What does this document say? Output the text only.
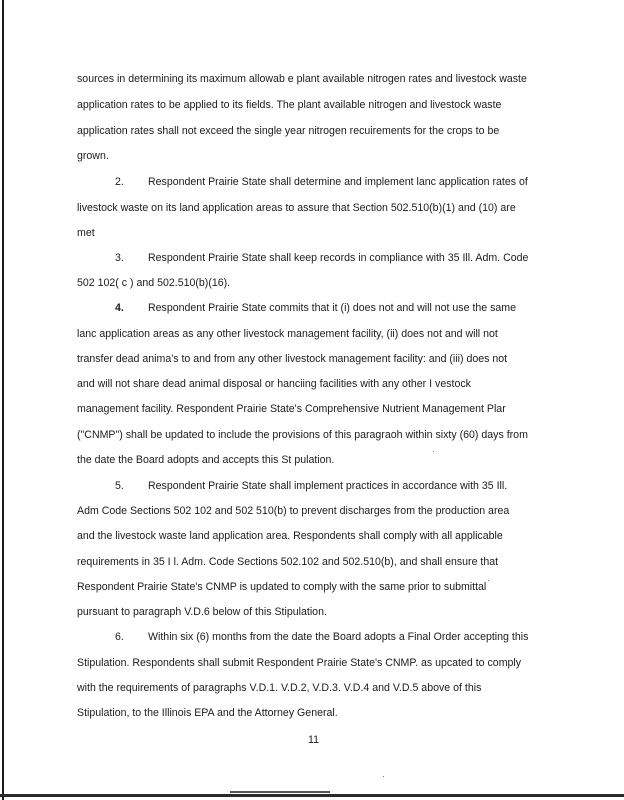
sources in determining its maximum allowab e plant available nitrogen rates and livestock waste
application rates to be applied to its fields. The plant available nitrogen and livestock waste
application rates shall not exceed the single year nitrogen recuirements for the crops to be
grown.
2. Respondent Prairie State shall determine and implement lanc application rates of
livestock waste on its land application areas to assure that Section 502.510(b)(1) and (10) are
met
3. Respondent Prairie State shall keep records in compliance with 35 Ill. Adm. Code
502 102( c ) and 502.510(b)(16).
4. Respondent Prairie State commits that it (i) does not and will not use the same
lanc application areas as any other livestock management facility, (ii) does not and will not
transfer dead anima's to and from any other livestock management facility: and (iii) does not
and will not share dead animal disposal or hanciing facilities with any other I vestock
management facility. Respondent Prairie State's Comprehensive Nutrient Management Plar
("CNMP") shall be updated to include the provisions of this paragraoh within sixty (60) days from
the date the Board adopts and accepts this St pulation.
5. Respondent Prairie State shall implement practices in accordance with 35 Ill.
Adm Code Sections 502 102 and 502 510(b) to prevent discharges from the production area
and the livestock waste land application area. Respondents shall comply with all applicable
requirements in 35 I l. Adm. Code Sections 502.102 and 502.510(b), and shall ensure that
Respondent Prairie State's CNMP is updated to comply with the same prior to submittal
pursuant to paragraph V.D.6 below of this Stipulation.
6. Within six (6) months from the date the Board adopts a Final Order accepting this
Stipulation. Respondents shall submit Respondent Prairie State's CNMP. as upcated to comply
with the requirements of paragraphs V.D.1. V.D.2, V.D.3. V.D.4 and V.D.5 above of this
Stipulation, to the Illinois EPA and the Attorney General.
11
